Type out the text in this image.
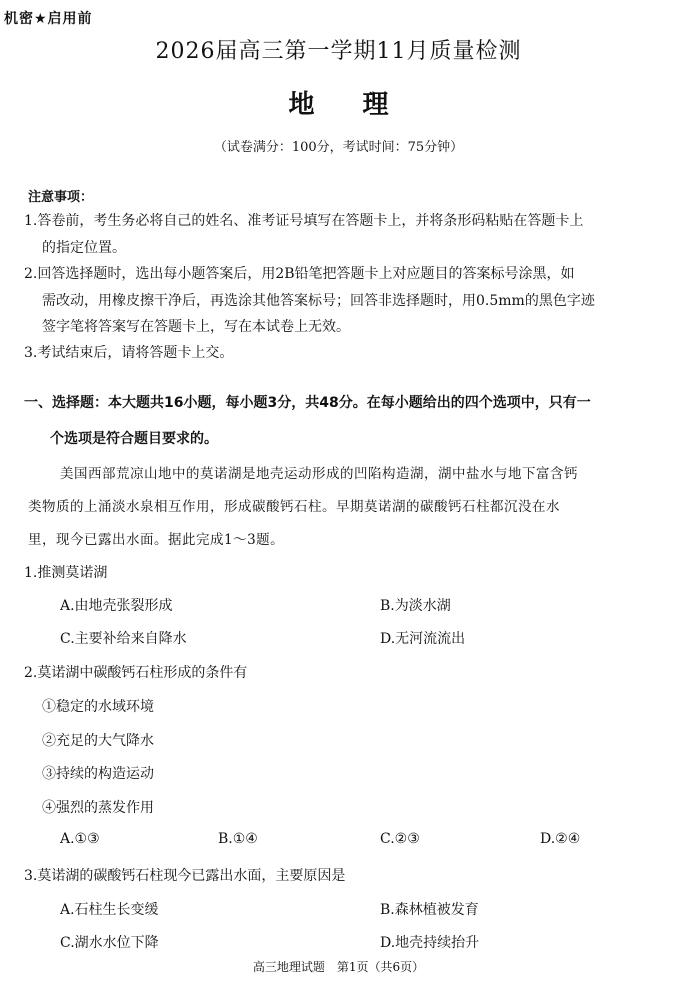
机密★启用前
2026届高三第一学期11月质量检测
地 理
（试卷满分：100分，考试时间：75分钟）
注意事项：
1.答卷前，考生务必将自己的姓名、准考证号填写在答题卡上，并将条形码粘贴在答题卡上
的指定位置。
2.回答选择题时，选出每小题答案后，用2B铅笔把答题卡上对应题目的答案标号涂黑，如
需改动，用橡皮擦干净后，再选涂其他答案标号；回答非选择题时，用0.5mm的黑色字迹
签字笔将答案写在答题卡上，写在本试卷上无效。
3.考试结束后，请将答题卡上交。
一、选择题：本大题共16小题，每小题3分，共48分。在每小题给出的四个选项中，只有一
个选项是符合题目要求的。
美国西部荒凉山地中的莫诺湖是地壳运动形成的凹陷构造湖，湖中盐水与地下富含钙
类物质的上涌淡水泉相互作用，形成碳酸钙石柱。早期莫诺湖的碳酸钙石柱都沉没在水
里，现今已露出水面。据此完成1～3题。
1.推测莫诺湖
A.由地壳张裂形成	B.为淡水湖
C.主要补给来自降水	D.无河流流出
2.莫诺湖中碳酸钙石柱形成的条件有
①稳定的水域环境
②充足的大气降水
③持续的构造运动
④强烈的蒸发作用
A.①③	B.①④	C.②③	D.②④
3.莫诺湖的碳酸钙石柱现今已露出水面，主要原因是
A.石柱生长变缓	B.森林植被发育
C.湖水水位下降	D.地壳持续抬升
高三地理试题　第1页（共6页）
